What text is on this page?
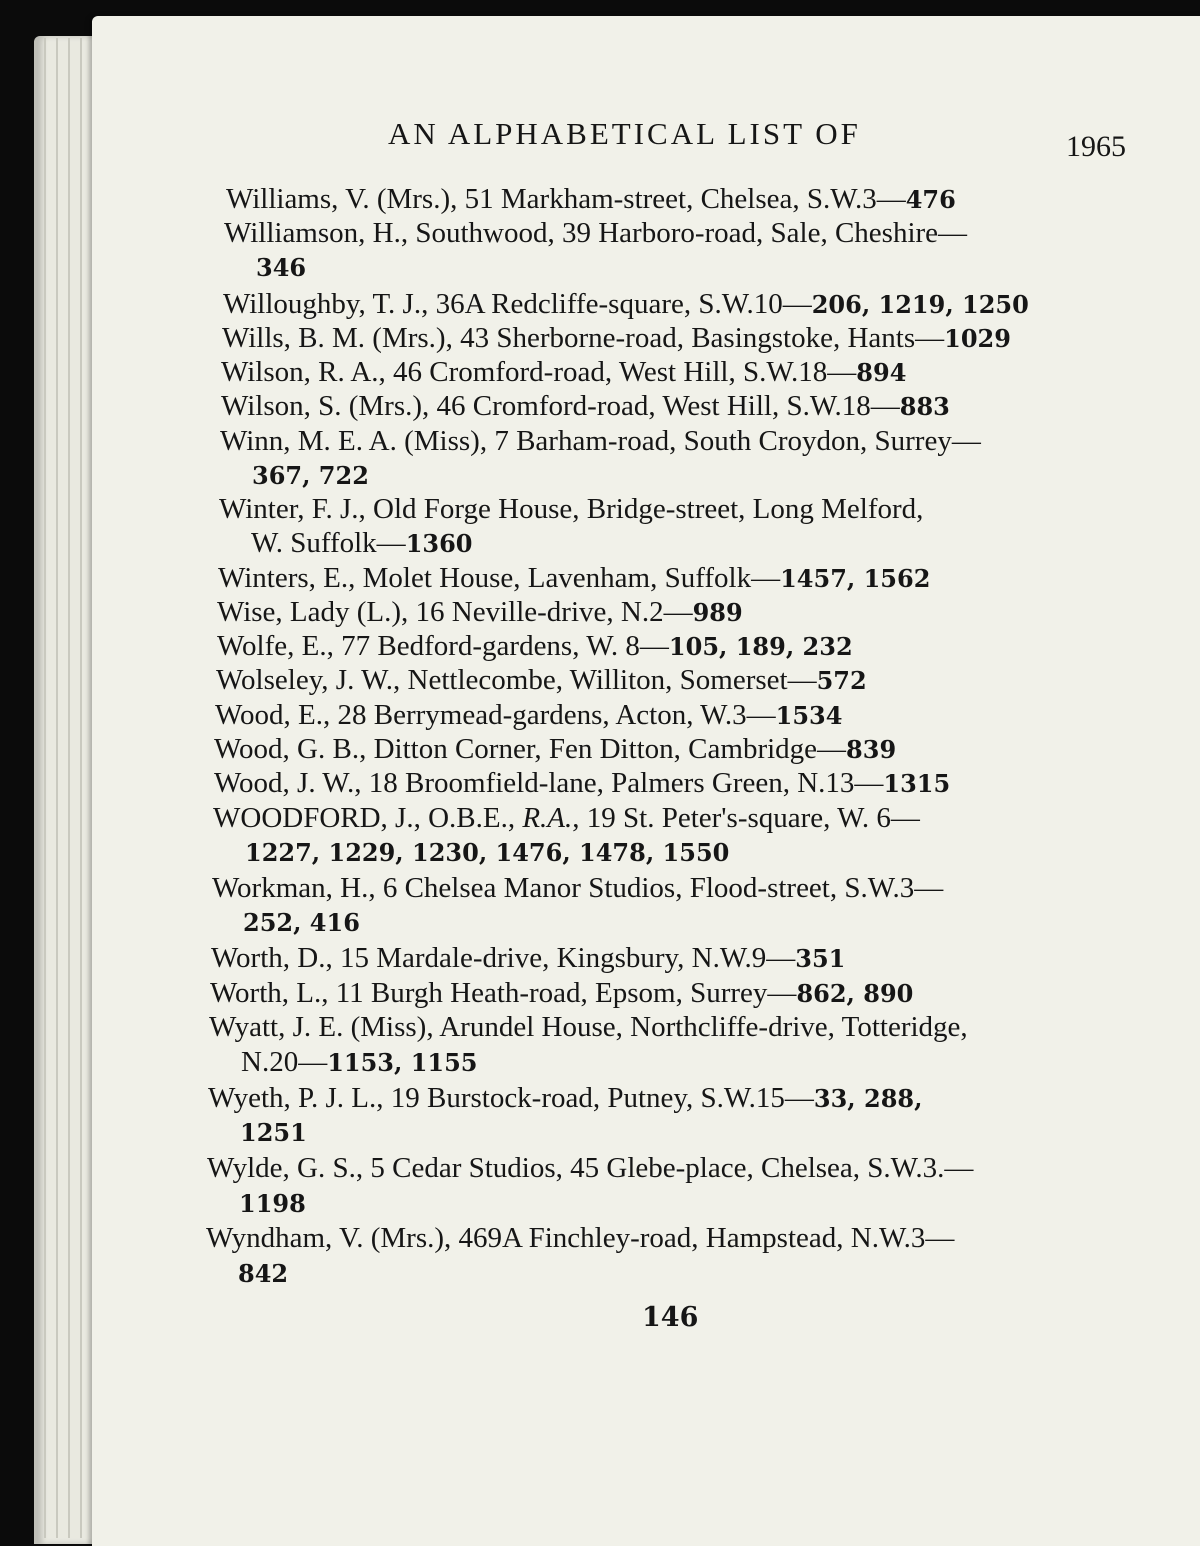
AN ALPHABETICAL LIST OF	1965
Williams, V. (Mrs.), 51 Markham-street, Chelsea, S.W.3—476
Williamson, H., Southwood, 39 Harboro-road, Sale, Cheshire—
346
Willoughby, T. J., 36A Redcliffe-square, S.W.10—206, 1219, 1250
Wills, B. M. (Mrs.), 43 Sherborne-road, Basingstoke, Hants—1029
Wilson, R. A., 46 Cromford-road, West Hill, S.W.18—894
Wilson, S. (Mrs.), 46 Cromford-road, West Hill, S.W.18—883
Winn, M. E. A. (Miss), 7 Barham-road, South Croydon, Surrey—
367, 722
Winter, F. J., Old Forge House, Bridge-street, Long Melford,
W. Suffolk—1360
Winters, E., Molet House, Lavenham, Suffolk—1457, 1562
Wise, Lady (L.), 16 Neville-drive, N.2—989
Wolfe, E., 77 Bedford-gardens, W. 8—105, 189, 232
Wolseley, J. W., Nettlecombe, Williton, Somerset—572
Wood, E., 28 Berrymead-gardens, Acton, W.3—1534
Wood, G. B., Ditton Corner, Fen Ditton, Cambridge—839
Wood, J. W., 18 Broomfield-lane, Palmers Green, N.13—1315
WOODFORD, J., O.B.E., R.A., 19 St. Peter's-square, W. 6—
1227, 1229, 1230, 1476, 1478, 1550
Workman, H., 6 Chelsea Manor Studios, Flood-street, S.W.3—
252, 416
Worth, D., 15 Mardale-drive, Kingsbury, N.W.9—351
Worth, L., 11 Burgh Heath-road, Epsom, Surrey—862, 890
Wyatt, J. E. (Miss), Arundel House, Northcliffe-drive, Totteridge,
N.20—1153, 1155
Wyeth, P. J. L., 19 Burstock-road, Putney, S.W.15—33, 288,
1251
Wylde, G. S., 5 Cedar Studios, 45 Glebe-place, Chelsea, S.W.3.—
1198
Wyndham, V. (Mrs.), 469A Finchley-road, Hampstead, N.W.3—
842
146
